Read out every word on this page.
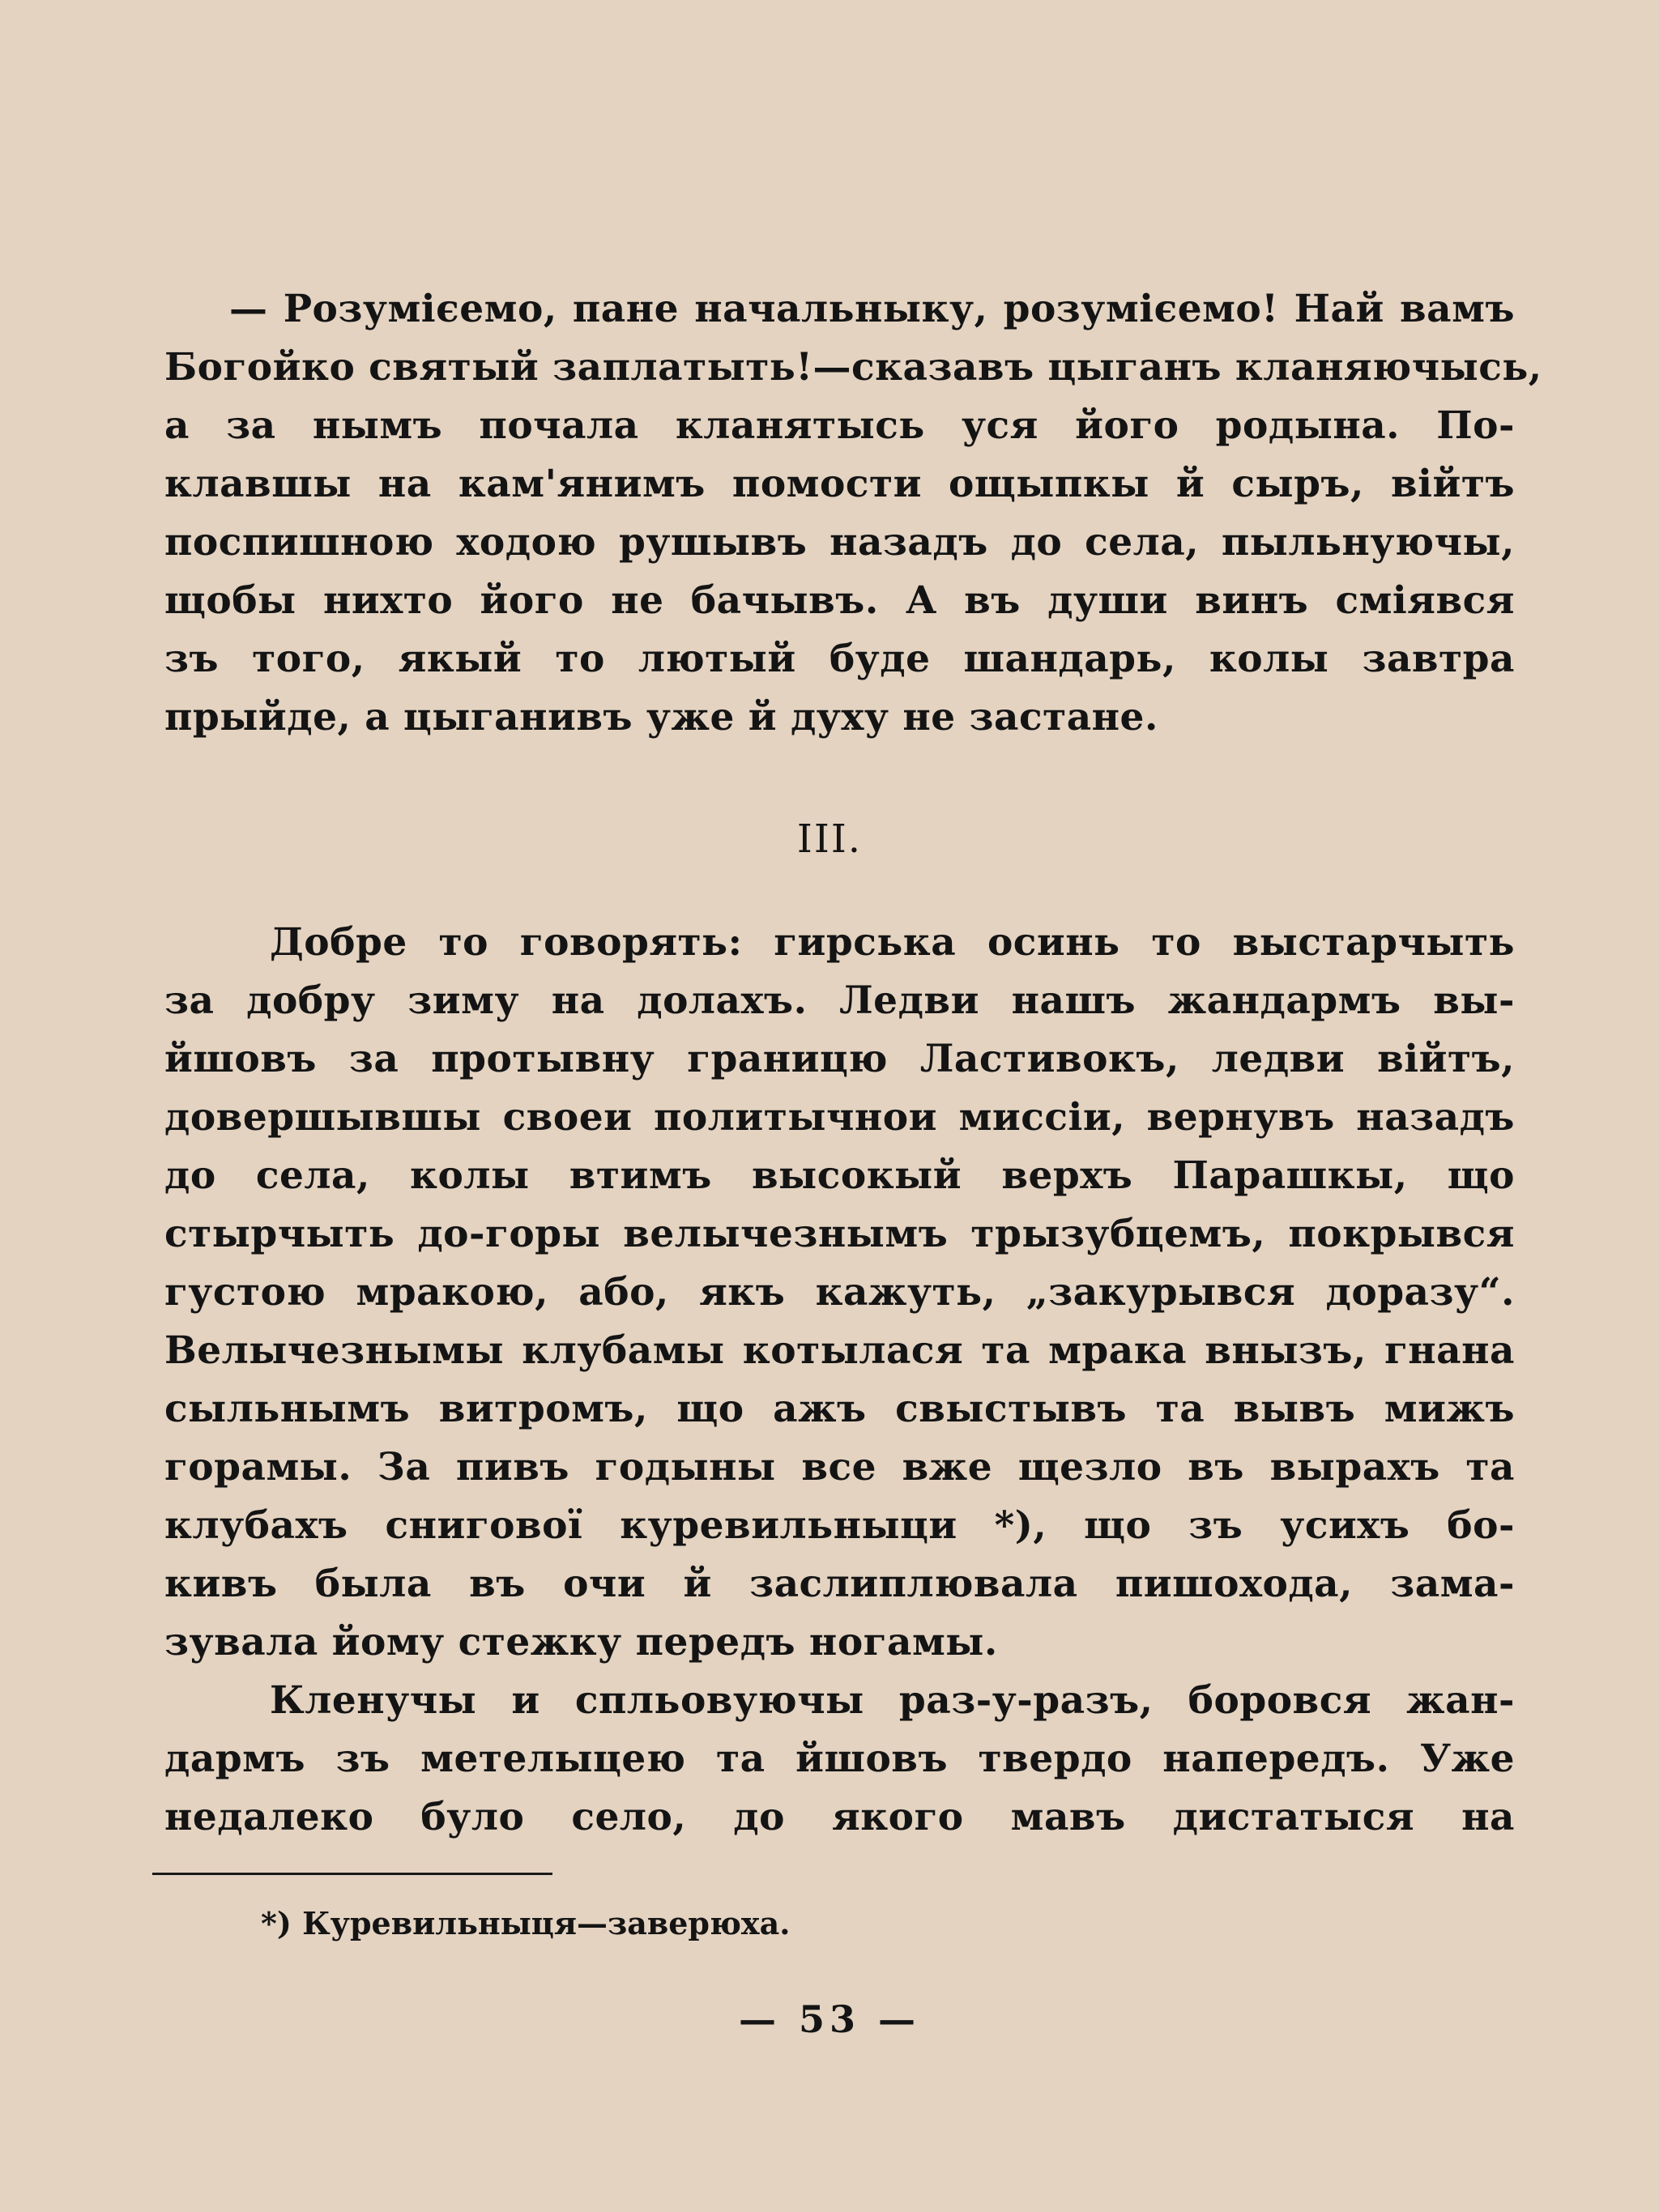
— Розумієемо, пане начальныку, розумієемо! Най вамъ
Богойко святый заплатыть!—сказавъ цыганъ кланяючысь,
а за нымъ почала кланятысь уся його родына. По-
клавшы на кам'янимъ помости ощыпкы й сыръ, війтъ
поспишною ходою рушывъ назадъ до села, пыльнуючы,
щобы нихто його не бачывъ. А въ души винъ сміявся
зъ того, якый то лютый буде шандарь, колы завтра
прыйде, а цыганивъ уже й духу не застане.
III.
Добре то говорять: гирська осинь то выстарчыть
за добру зиму на долахъ. Ледви нашъ жандармъ вы-
йшовъ за протывну границю Ластивокъ, ледви війтъ,
довершывшы своеи политычнои миссіи, вернувъ назадъ
до села, колы втимъ высокый верхъ Парашкы, що
стырчыть до-горы велычезнымъ трызубцемъ, покрывся
густою мракою, або, якъ кажуть, „закурывся доразу“.
Велычезнымы клубамы котылася та мрака внызъ, гнана
сыльнымъ витромъ, що ажъ свыстывъ та вывъ мижъ
горамы. За пивъ годыны все вже щезло въ вырахъ та
клубахъ снигової куревильныци *), що зъ усихъ бо-
кивъ была въ очи й заслиплювала пишохода, зама-
зувала йому стежку передъ ногамы.
Кленучы и спльовуючы раз-у-разъ, боровся жан-
дармъ зъ метелыцею та йшовъ твердо напередъ. Уже
недалеко було село, до якого мавъ дистатыся на
*) Куревильныця—заверюха.
— 53 —
